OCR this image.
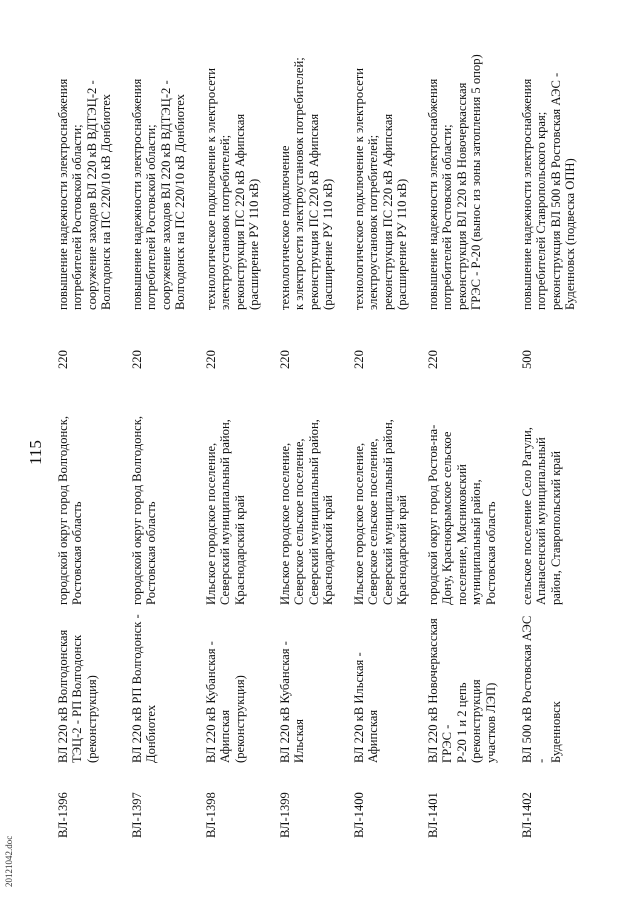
20121042.doc
115
ВЛ-1396	ВЛ 220 кВ Волгодонская
ТЭЦ-2 - РП Волгодонск
(реконструкция)	городской округ город Волгодонск,
Ростовская область	220	повышение надежности электроснабжения
потребителей Ростовской области;
сооружение заходов ВЛ 220 кВ ВДТЭЦ-2 -
Волгодонск на ПС 220/10 кВ Донбиотех

ВЛ-1397	ВЛ 220 кВ РП Волгодонск -
Донбиотех	городской округ город Волгодонск,
Ростовская область	220	повышение надежности электроснабжения
потребителей Ростовской области;
сооружение заходов ВЛ 220 кВ ВДТЭЦ-2 -
Волгодонск на ПС 220/10 кВ Донбиотех

ВЛ-1398	ВЛ 220 кВ Кубанская - Афипская
(реконструкция)	Ильское городское поселение,
Северский муниципальный район,
Краснодарский край	220	технологическое подключение к электросети
электроустановок потребителей;
реконструкция ПС 220 кВ Афипская
(расширение РУ 110 кВ)

ВЛ-1399	ВЛ 220 кВ Кубанская - Ильская	Ильское городское поселение,
Северское сельское поселение,
Северский муниципальный район,
Краснодарский край	220	технологическое подключение
к электросети электроустановок потребителей;
реконструкция ПС 220 кВ Афипская
(расширение РУ 110 кВ)

ВЛ-1400	ВЛ 220 кВ Ильская - Афипская	Ильское городское поселение,
Северское сельское поселение,
Северский муниципальный район,
Краснодарский край	220	технологическое подключение к электросети
электроустановок потребителей;
реконструкция ПС 220 кВ Афипская
(расширение РУ 110 кВ)

ВЛ-1401	ВЛ 220 кВ Новочеркасская ГРЭС -
Р-20 1 и 2 цепь (реконструкция
участков ЛЭП)	городской округ город Ростов-на-
Дону, Краснокрымское сельское
поселение, Мясниковский
муниципальный район,
Ростовская область	220	повышение надежности электроснабжения
потребителей Ростовской области;
реконструкция ВЛ 220 кВ Новочеркасская
ГРЭС - Р-20 (вынос из зоны затопления 5 опор)

ВЛ-1402	ВЛ 500 кВ Ростовская АЭС -
Буденновск	сельское поселение Село Рагули,
Апанасенский муниципальный
район, Ставропольский край	500	повышение надежности электроснабжения
потребителей Ставропольского края;
реконструкция ВЛ 500 кВ Ростовская АЭС -
Буденновск (подвеска ОПН)
